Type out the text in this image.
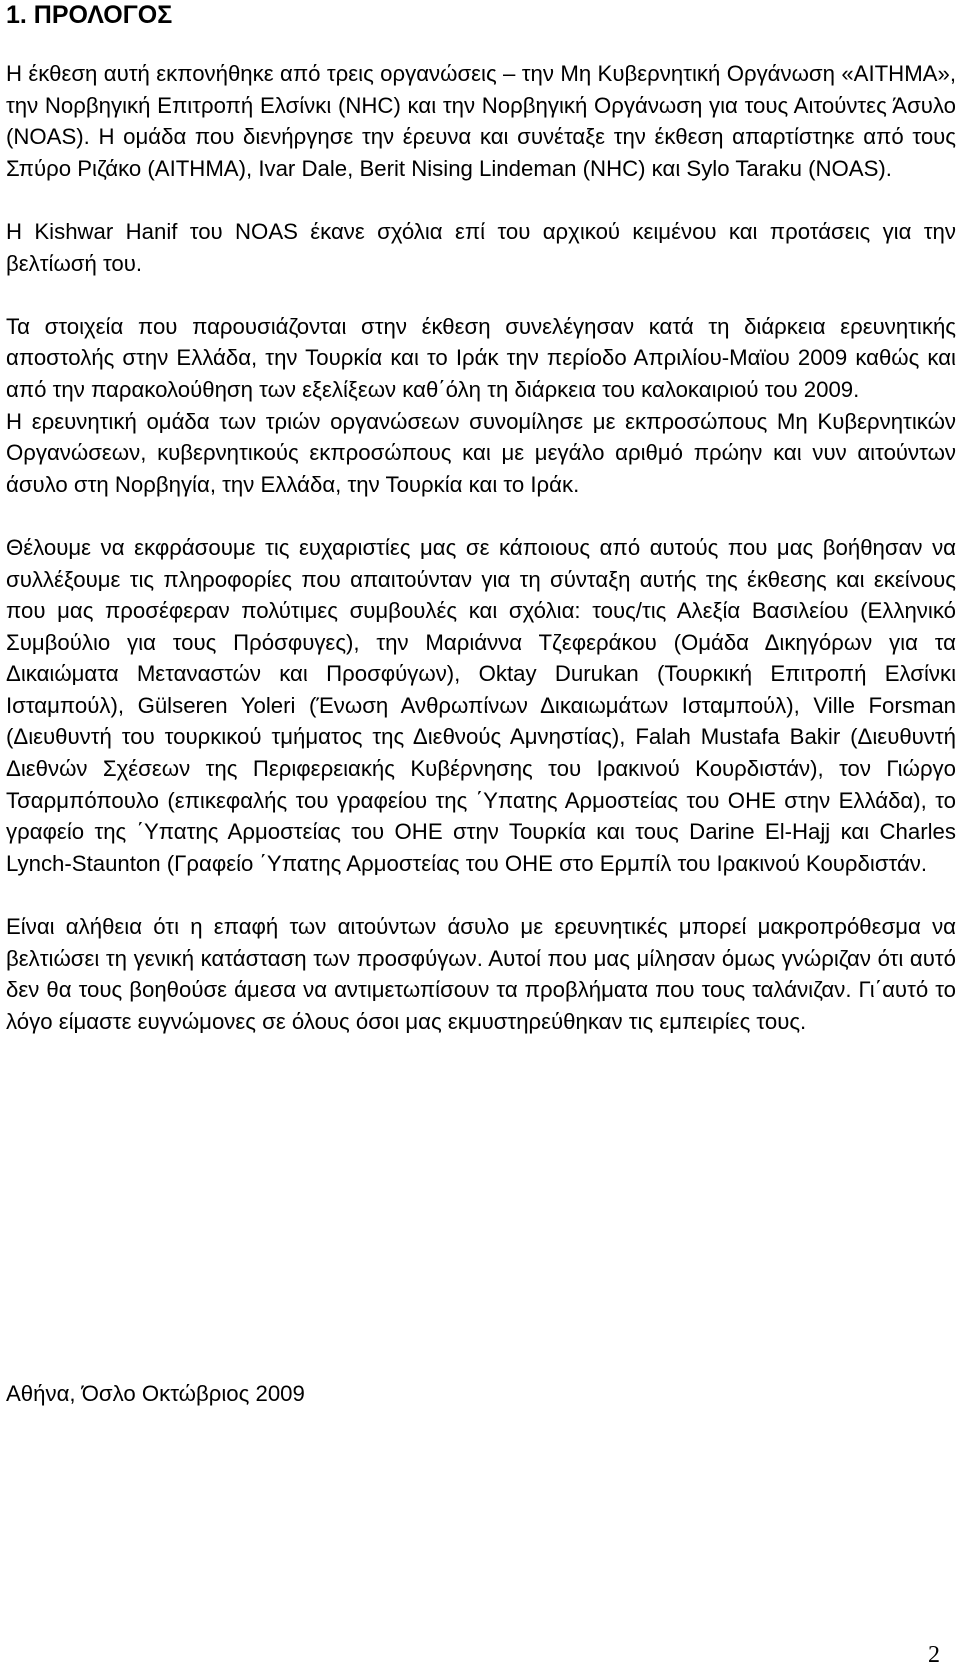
1. ΠΡΟΛΟΓΟΣ

Η έκθεση αυτή εκπονήθηκε από τρεις οργανώσεις – την Μη Κυβερνητική Οργάνωση «ΑΙΤΗΜΑ», την Νορβηγική Επιτροπή Ελσίνκι (NHC) και την Νορβηγική Οργάνωση για τους Αιτούντες Άσυλο (NOAS). Η ομάδα που διενήργησε την έρευνα και συνέταξε την έκθεση απαρτίστηκε από τους Σπύρο Ριζάκο (ΑΙΤΗΜΑ), Ivar Dale, Berit Nising Lindeman (NHC) και Sylo Taraku (NOAS).

Η Kishwar Hanif του NOAS έκανε σχόλια επί του αρχικού κειμένου και προτάσεις για την βελτίωσή του.

Τα στοιχεία που παρουσιάζονται στην έκθεση συνελέγησαν κατά τη διάρκεια ερευνητικής αποστολής στην Ελλάδα, την Τουρκία και το Ιράκ την περίοδο Απριλίου-Μαϊου 2009 καθώς και από την παρακολούθηση των εξελίξεων καθ΄όλη τη διάρκεια του καλοκαιριού του 2009.

Η ερευνητική ομάδα των τριών οργανώσεων συνομίλησε με εκπροσώπους Μη Κυβερνητικών Οργανώσεων, κυβερνητικούς εκπροσώπους και με μεγάλο αριθμό πρώην και νυν αιτούντων άσυλο στη Νορβηγία, την Ελλάδα, την Τουρκία και το Ιράκ.

Θέλουμε να εκφράσουμε τις ευχαριστίες μας σε κάποιους από αυτούς που μας βοήθησαν να συλλέξουμε τις πληροφορίες που απαιτούνταν για τη σύνταξη αυτής της έκθεσης και εκείνους που μας προσέφεραν πολύτιμες συμβουλές και σχόλια: τους/τις Αλεξία Βασιλείου (Ελληνικό Συμβούλιο για τους Πρόσφυγες), την Μαριάννα Τζεφεράκου (Ομάδα Δικηγόρων για τα Δικαιώματα Μεταναστών και Προσφύγων), Oktay Durukan (Τουρκική Επιτροπή Ελσίνκι Ισταμπούλ), Gülseren Yoleri (Ένωση Ανθρωπίνων Δικαιωμάτων Ισταμπούλ), Ville Forsman (Διευθυντή του τουρκικού τμήματος της Διεθνούς Αμνηστίας), Falah Mustafa Bakir (Διευθυντή Διεθνών Σχέσεων της Περιφερειακής Κυβέρνησης του Ιρακινού Κουρδιστάν), τον Γιώργο Τσαρμπόπουλο (επικεφαλής του γραφείου της ΄Υπατης Αρμοστείας του ΟΗΕ στην Ελλάδα), το γραφείο της ΄Υπατης Αρμοστείας του ΟΗΕ στην Τουρκία και τους Darine El-Hajj και Charles Lynch-Staunton (Γραφείο ΄Υπατης Αρμοστείας του ΟΗΕ στο Ερμπίλ του Ιρακινού Κουρδιστάν.

Είναι αλήθεια ότι η επαφή των αιτούντων άσυλο με ερευνητικές μπορεί μακροπρόθεσμα να βελτιώσει τη γενική κατάσταση των προσφύγων. Αυτοί που μας μίλησαν όμως γνώριζαν ότι αυτό δεν θα τους βοηθούσε άμεσα να αντιμετωπίσουν τα προβλήματα που τους ταλάνιζαν. Γι΄αυτό το λόγο είμαστε ευγνώμονες σε όλους όσοι μας εκμυστηρεύθηκαν τις εμπειρίες τους.

Αθήνα, Όσλο Οκτώβριος 2009

2
